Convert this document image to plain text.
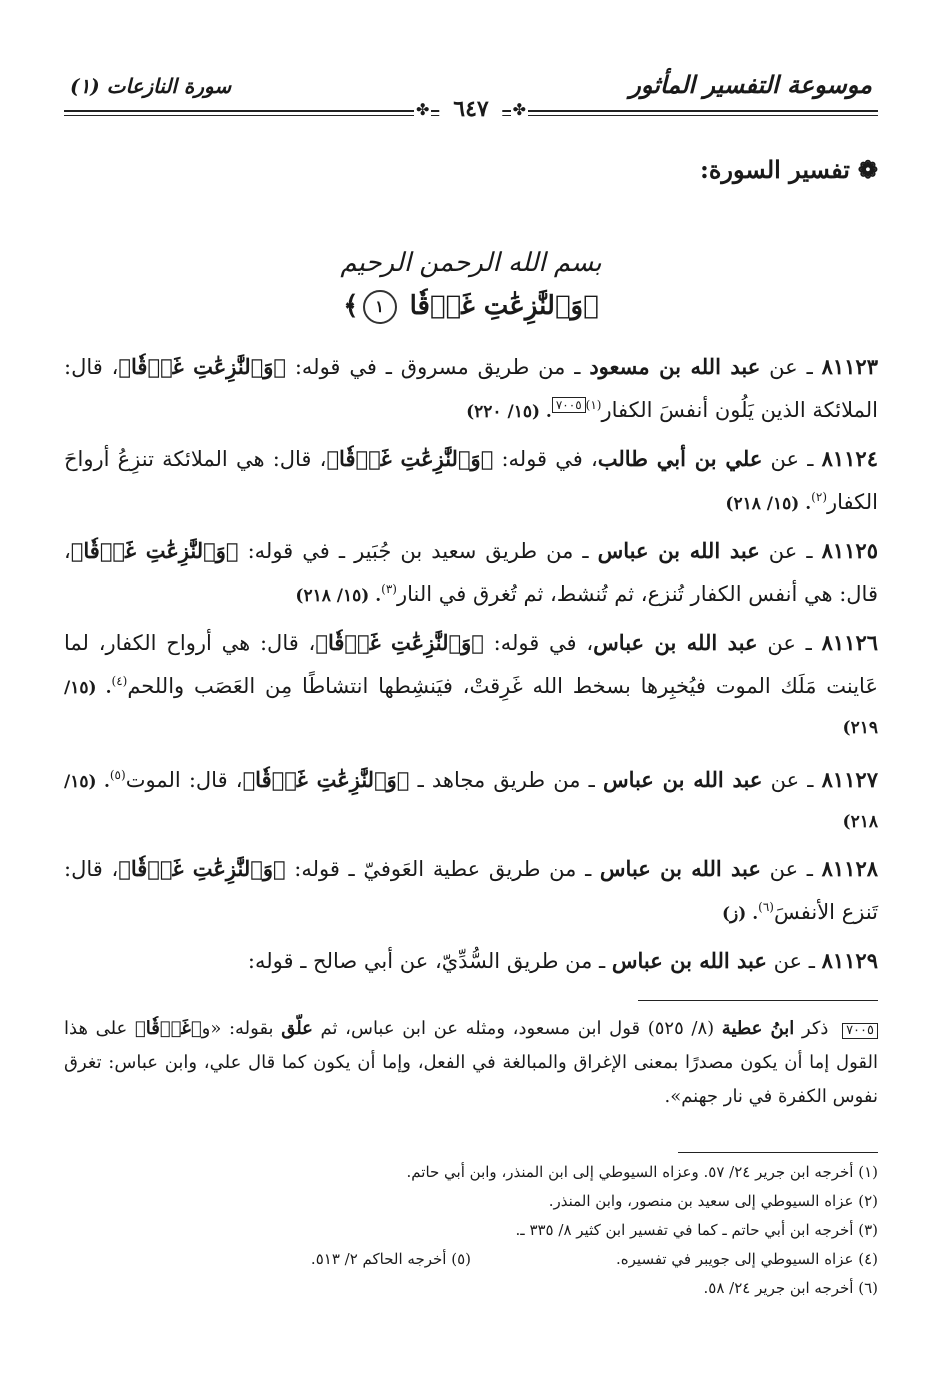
موسوعة التفسير المأثور
سورة النازعات (١)
✤
٦٤٧
✤
❁تفسير السورة:
بسم الله الرحمن الرحيم
﴿وَٱلنَّٰزِعَٰتِ غَرۡقٗا ١﴾
٨١١٢٣ ـ عن عبد الله بن مسعود ـ من طريق مسروق ـ في قوله: ﴿وَٱلنَّٰزِعَٰتِ غَرۡقٗا﴾، قال: الملائكة الذين يَلُون أنفسَ الكفار$^{(١)}$٧٠٠٥. (١٥/ ٢٢٠)
٨١١٢٤ ـ عن علي بن أبي طالب، في قوله: ﴿وَٱلنَّٰزِعَٰتِ غَرۡقٗا﴾، قال: هي الملائكة تنزِعُ أرواحَ الكفار$^{(٢)}$. (١٥/ ٢١٨)
٨١١٢٥ ـ عن عبد الله بن عباس ـ من طريق سعيد بن جُبَير ـ في قوله: ﴿وَٱلنَّٰزِعَٰتِ غَرۡقٗا﴾، قال: هي أنفس الكفار تُنزع، ثم تُنشط، ثم تُغرق في النار$^{(٣)}$. (١٥/ ٢١٨)
٨١١٢٦ ـ عن عبد الله بن عباس، في قوله: ﴿وَٱلنَّٰزِعَٰتِ غَرۡقٗا﴾، قال: هي أرواح الكفار، لما عَاينت مَلَك الموت فيُخبِرها بسخط الله غَرِقتْ، فيَنشِطها انتشاطًا مِن العَصَب واللحم$^{(٤)}$. (١٥/ ٢١٩)
٨١١٢٧ ـ عن عبد الله بن عباس ـ من طريق مجاهد ـ ﴿وَٱلنَّٰزِعَٰتِ غَرۡقٗا﴾، قال: الموت$^{(٥)}$. (١٥/ ٢١٨)
٨١١٢٨ ـ عن عبد الله بن عباس ـ من طريق عطية العَوفيّ ـ قوله: ﴿وَٱلنَّٰزِعَٰتِ غَرۡقٗا﴾، قال: تَنزع الأنفسَ$^{(٦)}$. (ز)
٨١١٢٩ ـ عن عبد الله بن عباس ـ من طريق السُّدِّيّ، عن أبي صالح ـ قوله:
٧٠٠٥ ذكر ابنُ عطية (٨/ ٥٢٥) قول ابن مسعود، ومثله عن ابن عباس، ثم علّق بقوله: «و﴿غَرۡقٗا﴾ على هذا القول إما أن يكون مصدرًا بمعنى الإغراق والمبالغة في الفعل، وإما أن يكون كما قال علي، وابن عباس: تغرق نفوس الكفرة في نار جهنم».
(١) أخرجه ابن جرير ٢٤/ ٥٧. وعزاه السيوطي إلى ابن المنذر، وابن أبي حاتم.
(٢) عزاه السيوطي إلى سعيد بن منصور، وابن المنذر.
(٣) أخرجه ابن أبي حاتم ـ كما في تفسير ابن كثير ٨/ ٣٣٥ ـ.
(٤) عزاه السيوطي إلى جويبر في تفسيره.
(٥) أخرجه الحاكم ٢/ ٥١٣.
(٦) أخرجه ابن جرير ٢٤/ ٥٨.
